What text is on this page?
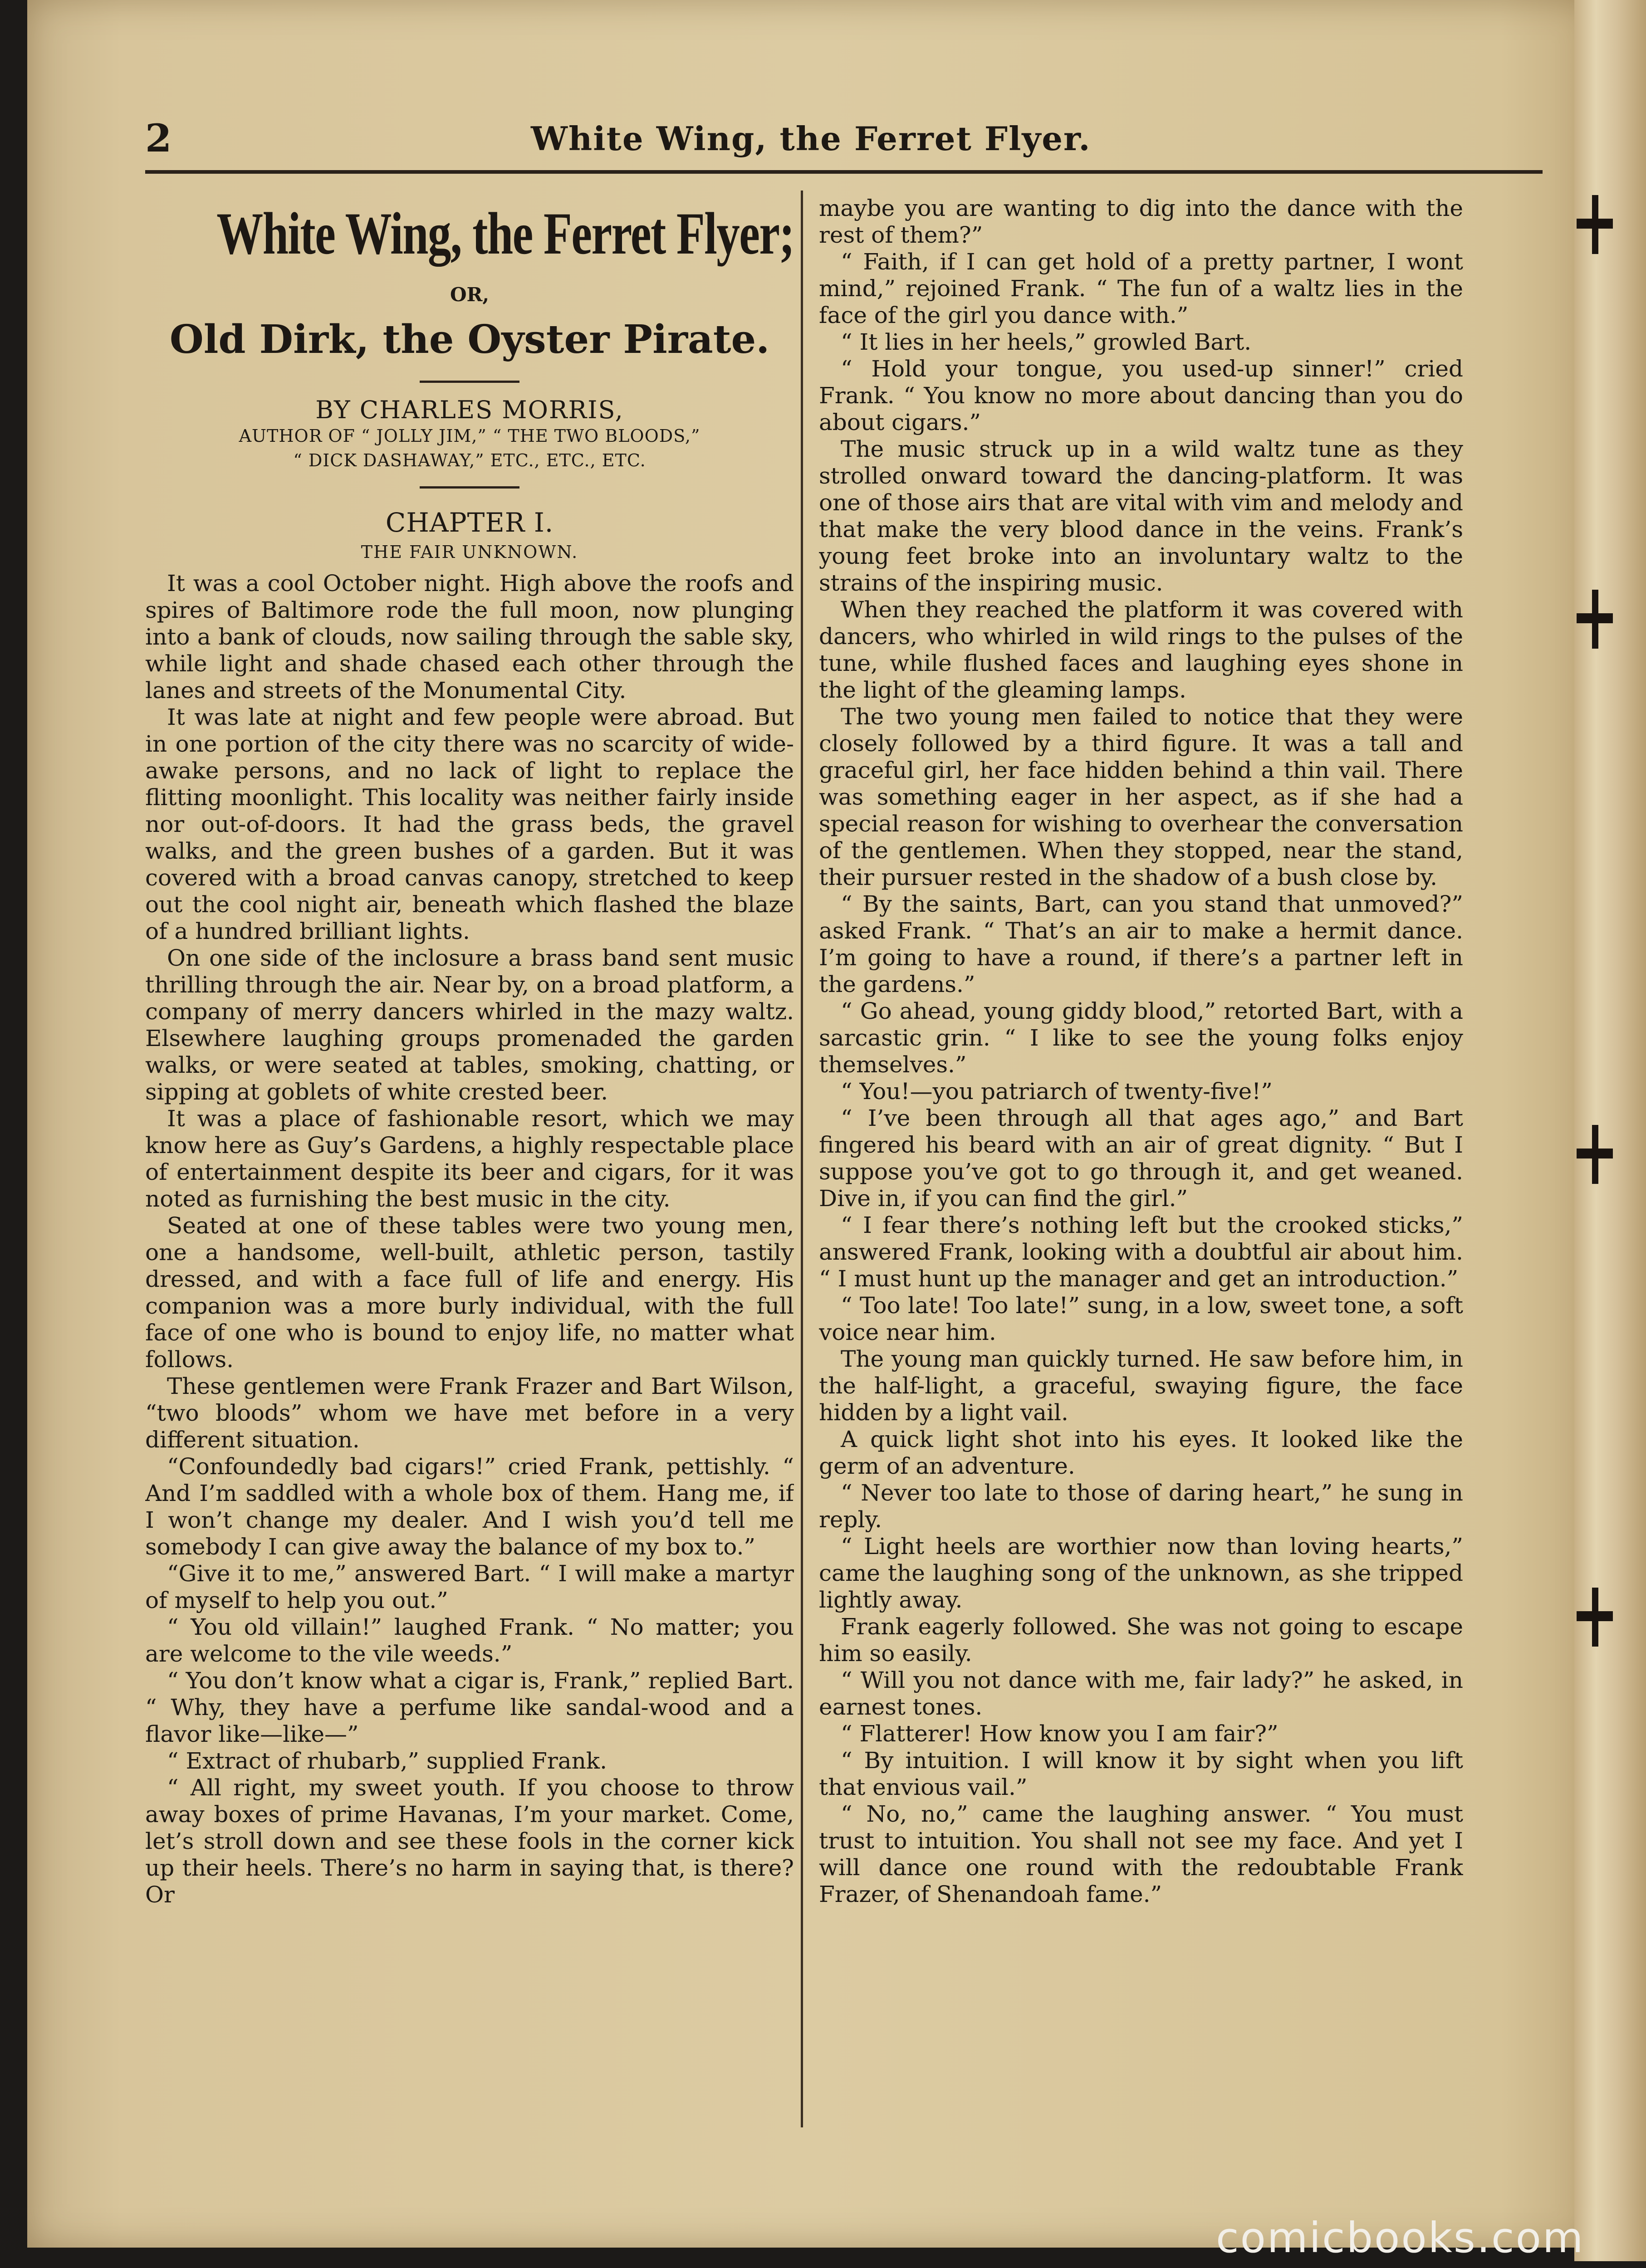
2	White Wing, the Ferret Flyer.
White Wing, the Ferret Flyer;
OR,
Old Dirk, the Oyster Pirate.
BY CHARLES MORRIS,
AUTHOR OF “ JOLLY JIM,” “ THE TWO BLOODS,”
“ DICK DASHAWAY,” ETC., ETC., ETC.
CHAPTER I.
THE FAIR UNKNOWN.

It was a cool October night. High above the roofs and spires of Baltimore rode the full moon, now plunging into a bank of clouds, now sailing through the sable sky, while light and shade chased each other through the lanes and streets of the Monumental City.

It was late at night and few people were abroad. But in one portion of the city there was no scarcity of wide-awake persons, and no lack of light to replace the flitting moonlight. This locality was neither fairly inside nor out-of-doors. It had the grass beds, the gravel walks, and the green bushes of a garden. But it was covered with a broad canvas canopy, stretched to keep out the cool night air, beneath which flashed the blaze of a hundred brilliant lights.

On one side of the inclosure a brass band sent music thrilling through the air. Near by, on a broad platform, a company of merry dancers whirled in the mazy waltz. Elsewhere laughing groups promenaded the garden walks, or were seated at tables, smoking, chatting, or sipping at goblets of white crested beer.

It was a place of fashionable resort, which we may know here as Guy’s Gardens, a highly respectable place of entertainment despite its beer and cigars, for it was noted as furnishing the best music in the city.

Seated at one of these tables were two young men, one a handsome, well-built, athletic person, tastily dressed, and with a face full of life and energy. His companion was a more burly individual, with the full face of one who is bound to enjoy life, no matter what follows.

These gentlemen were Frank Frazer and Bart Wilson, “two bloods” whom we have met before in a very different situation.

“Confoundedly bad cigars!” cried Frank, pettishly. “ And I’m saddled with a whole box of them. Hang me, if I won’t change my dealer. And I wish you’d tell me somebody I can give away the balance of my box to.”

“Give it to me,” answered Bart. “ I will make a martyr of myself to help you out.”

“ You old villain!” laughed Frank. “ No matter; you are welcome to the vile weeds.”

“ You don’t know what a cigar is, Frank,” replied Bart. “ Why, they have a perfume like sandal-wood and a flavor like—like—”

“ Extract of rhubarb,” supplied Frank.

“ All right, my sweet youth. If you choose to throw away boxes of prime Havanas, I’m your market. Come, let’s stroll down and see these fools in the corner kick up their heels. There’s no harm in saying that, is there? Or

maybe you are wanting to dig into the dance with the rest of them?”

“ Faith, if I can get hold of a pretty partner, I wont mind,” rejoined Frank. “ The fun of a waltz lies in the face of the girl you dance with.”

“ It lies in her heels,” growled Bart.

“ Hold your tongue, you used-up sinner!” cried Frank. “ You know no more about dancing than you do about cigars.”

The music struck up in a wild waltz tune as they strolled onward toward the dancing-platform. It was one of those airs that are vital with vim and melody and that make the very blood dance in the veins. Frank’s young feet broke into an involuntary waltz to the strains of the inspiring music.

When they reached the platform it was covered with dancers, who whirled in wild rings to the pulses of the tune, while flushed faces and laughing eyes shone in the light of the gleaming lamps.

The two young men failed to notice that they were closely followed by a third figure. It was a tall and graceful girl, her face hidden behind a thin vail. There was something eager in her aspect, as if she had a special reason for wishing to overhear the conversation of the gentlemen. When they stopped, near the stand, their pursuer rested in the shadow of a bush close by.

“ By the saints, Bart, can you stand that unmoved?” asked Frank. “ That’s an air to make a hermit dance. I’m going to have a round, if there’s a partner left in the gardens.”

“ Go ahead, young giddy blood,” retorted Bart, with a sarcastic grin. “ I like to see the young folks enjoy themselves.”

“ You!—you patriarch of twenty-five!”

“ I’ve been through all that ages ago,” and Bart fingered his beard with an air of great dignity. “ But I suppose you’ve got to go through it, and get weaned. Dive in, if you can find the girl.”

“ I fear there’s nothing left but the crooked sticks,” answered Frank, looking with a doubtful air about him. “ I must hunt up the manager and get an introduction.”

“ Too late! Too late!” sung, in a low, sweet tone, a soft voice near him.

The young man quickly turned. He saw before him, in the half-light, a graceful, swaying figure, the face hidden by a light vail.

A quick light shot into his eyes. It looked like the germ of an adventure.

“ Never too late to those of daring heart,” he sung in reply.

“ Light heels are worthier now than loving hearts,” came the laughing song of the unknown, as she tripped lightly away.

Frank eagerly followed. She was not going to escape him so easily.

“ Will you not dance with me, fair lady?” he asked, in earnest tones.

“ Flatterer! How know you I am fair?”

“ By intuition. I will know it by sight when you lift that envious vail.”

“ No, no,” came the laughing answer. “ You must trust to intuition. You shall not see my face. And yet I will dance one round with the redoubtable Frank Frazer, of Shenandoah fame.”

comicbooks.com
